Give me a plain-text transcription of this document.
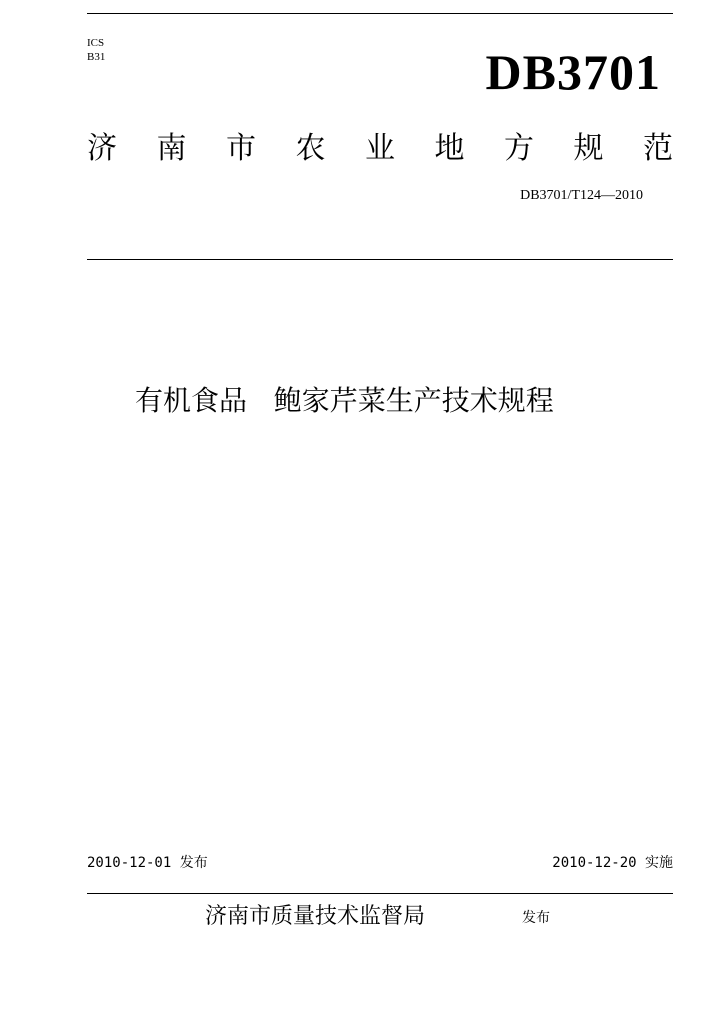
ICS
B31	DB3701
济 南 市 农 业 地 方 规 范
DB3701/T124—2010
有机食品   鲍家芹菜生产技术规程
2010-12-01 发布	2010-12-20 实施
济南市质量技术监督局	发布
